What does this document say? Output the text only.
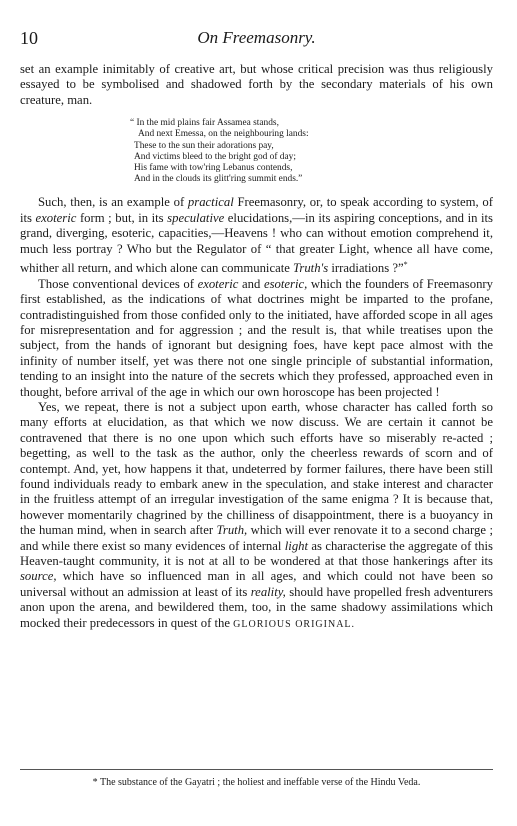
10	On Freemasonry.

set an example inimitably of creative art, but whose critical precision was thus religiously essayed to be symbolised and shadowed forth by the secondary materials of his own creature, man.

“ In the mid plains fair Assamea stands,
And next Emessa, on the neighbouring lands:
These to the sun their adorations pay,
And victims bleed to the bright god of day;
His fame with tow'ring Lebanus contends,
And in the clouds its glitt'ring summit ends.”

Such, then, is an example of practical Freemasonry, or, to speak according to system, of its exoteric form ; but, in its speculative elucidations,—in its aspiring conceptions, and in its grand, diverging, esoteric, capacities,—Heavens ! who can without emotion comprehend it, much less portray ? Who but the Regulator of “ that greater Light, whence all have come, whither all return, and which alone can communicate Truth's irradiations ?”*

Those conventional devices of exoteric and esoteric, which the founders of Freemasonry first established, as the indications of what doctrines might be imparted to the profane, contradistinguished from those confided only to the initiated, have afforded scope in all ages for misrepresentation and for aggression ; and the result is, that while treatises upon the subject, from the hands of ignorant but designing foes, have kept pace almost with the infinity of number itself, yet was there not one single principle of substantial information, tending to an insight into the nature of the secrets which they professed, approached even in thought, before arrival of the age in which our own horoscope has been projected !

Yes, we repeat, there is not a subject upon earth, whose character has called forth so many efforts at elucidation, as that which we now discuss. We are certain it cannot be contravened that there is no one upon which such efforts have so miserably re-acted ; begetting, as well to the task as the author, only the cheerless rewards of scorn and of contempt. And, yet, how happens it that, undeterred by former failures, there have been still found individuals ready to embark anew in the speculation, and stake interest and character in the fruitless attempt of an irregular investigation of the same enigma ? It is because that, however momentarily chagrined by the chilliness of disappointment, there is a buoyancy in the human mind, when in search after Truth, which will ever renovate it to a second charge ; and while there exist so many evidences of internal light as characterise the aggregate of this Heaven-taught community, it is not at all to be wondered at that those hankerings after its source, which have so influenced man in all ages, and which could not have been so universal without an admission at least of its reality, should have propelled fresh adventurers anon upon the arena, and bewildered them, too, in the same shadowy assimilations which mocked their predecessors in quest of the GLORIOUS ORIGINAL.

* The substance of the Gayatri ; the holiest and ineffable verse of the Hindu Veda.
